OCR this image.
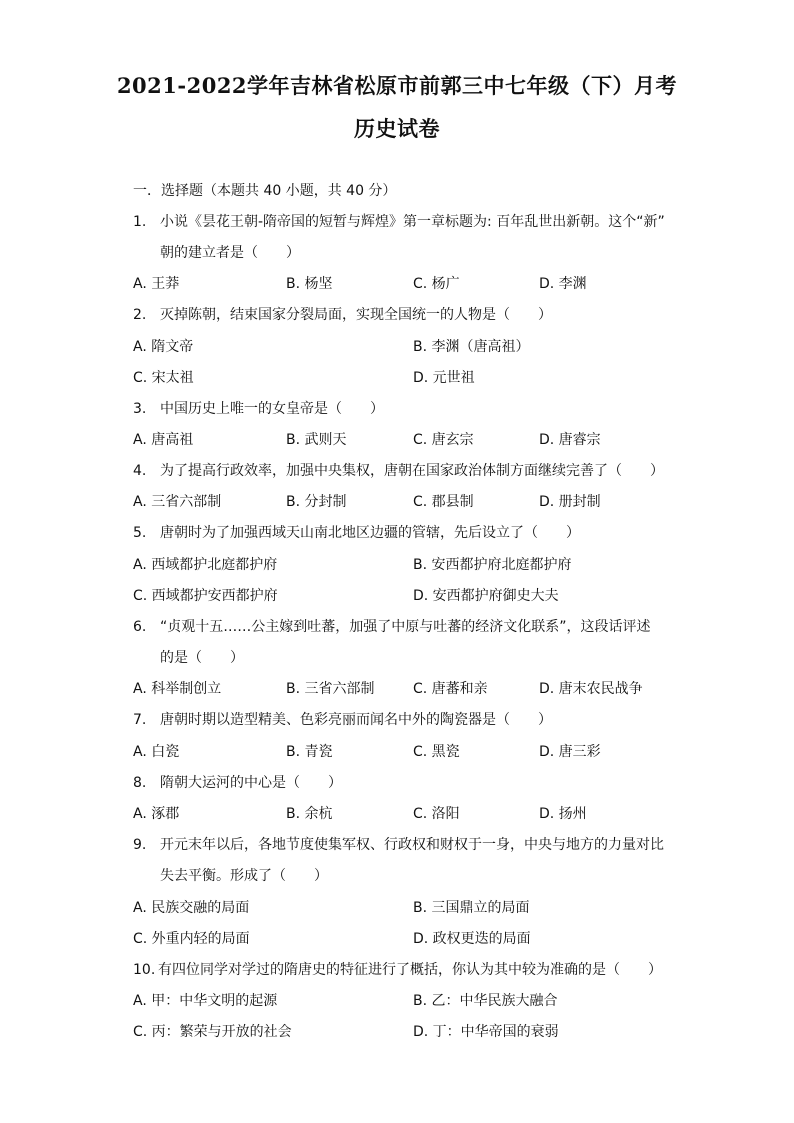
2021-2022学年吉林省松原市前郭三中七年级（下）月考
历史试卷
一．选择题（本题共 40 小题，共 40 分）
1. 小说《昙花王朝-隋帝国的短暂与辉煌》第一章标题为: 百年乱世出新朝。这个“新”
朝的建立者是（　　）
A. 王莽	B. 杨坚	C. 杨广	D. 李渊
2. 灭掉陈朝，结束国家分裂局面，实现全国统一的人物是（　　）
A. 隋文帝	B. 李渊（唐高祖）
C. 宋太祖	D. 元世祖
3. 中国历史上唯一的女皇帝是（　　）
A. 唐高祖	B. 武则天	C. 唐玄宗	D. 唐睿宗
4. 为了提高行政效率，加强中央集权，唐朝在国家政治体制方面继续完善了（　　）
A. 三省六部制	B. 分封制	C. 郡县制	D. 册封制
5. 唐朝时为了加强西域天山南北地区边疆的管辖，先后设立了（　　）
A. 西域都护北庭都护府	B. 安西都护府北庭都护府
C. 西域都护安西都护府	D. 安西都护府御史大夫
6. “贞观十五……公主嫁到吐蕃，加强了中原与吐蕃的经济文化联系”，这段话评述
的是（　　）
A. 科举制创立	B. 三省六部制	C. 唐蕃和亲	D. 唐末农民战争
7. 唐朝时期以造型精美、色彩亮丽而闻名中外的陶瓷器是（　　）
A. 白瓷	B. 青瓷	C. 黑瓷	D. 唐三彩
8. 隋朝大运河的中心是（　　）
A. 涿郡	B. 余杭	C. 洛阳	D. 扬州
9. 开元末年以后，各地节度使集军权、行政权和财权于一身，中央与地方的力量对比
失去平衡。形成了（　　）
A. 民族交融的局面	B. 三国鼎立的局面
C. 外重内轻的局面	D. 政权更迭的局面
10. 有四位同学对学过的隋唐史的特征进行了概括，你认为其中较为准确的是（　　）
A. 甲：中华文明的起源	B. 乙：中华民族大融合
C. 丙：繁荣与开放的社会	D. 丁：中华帝国的衰弱
